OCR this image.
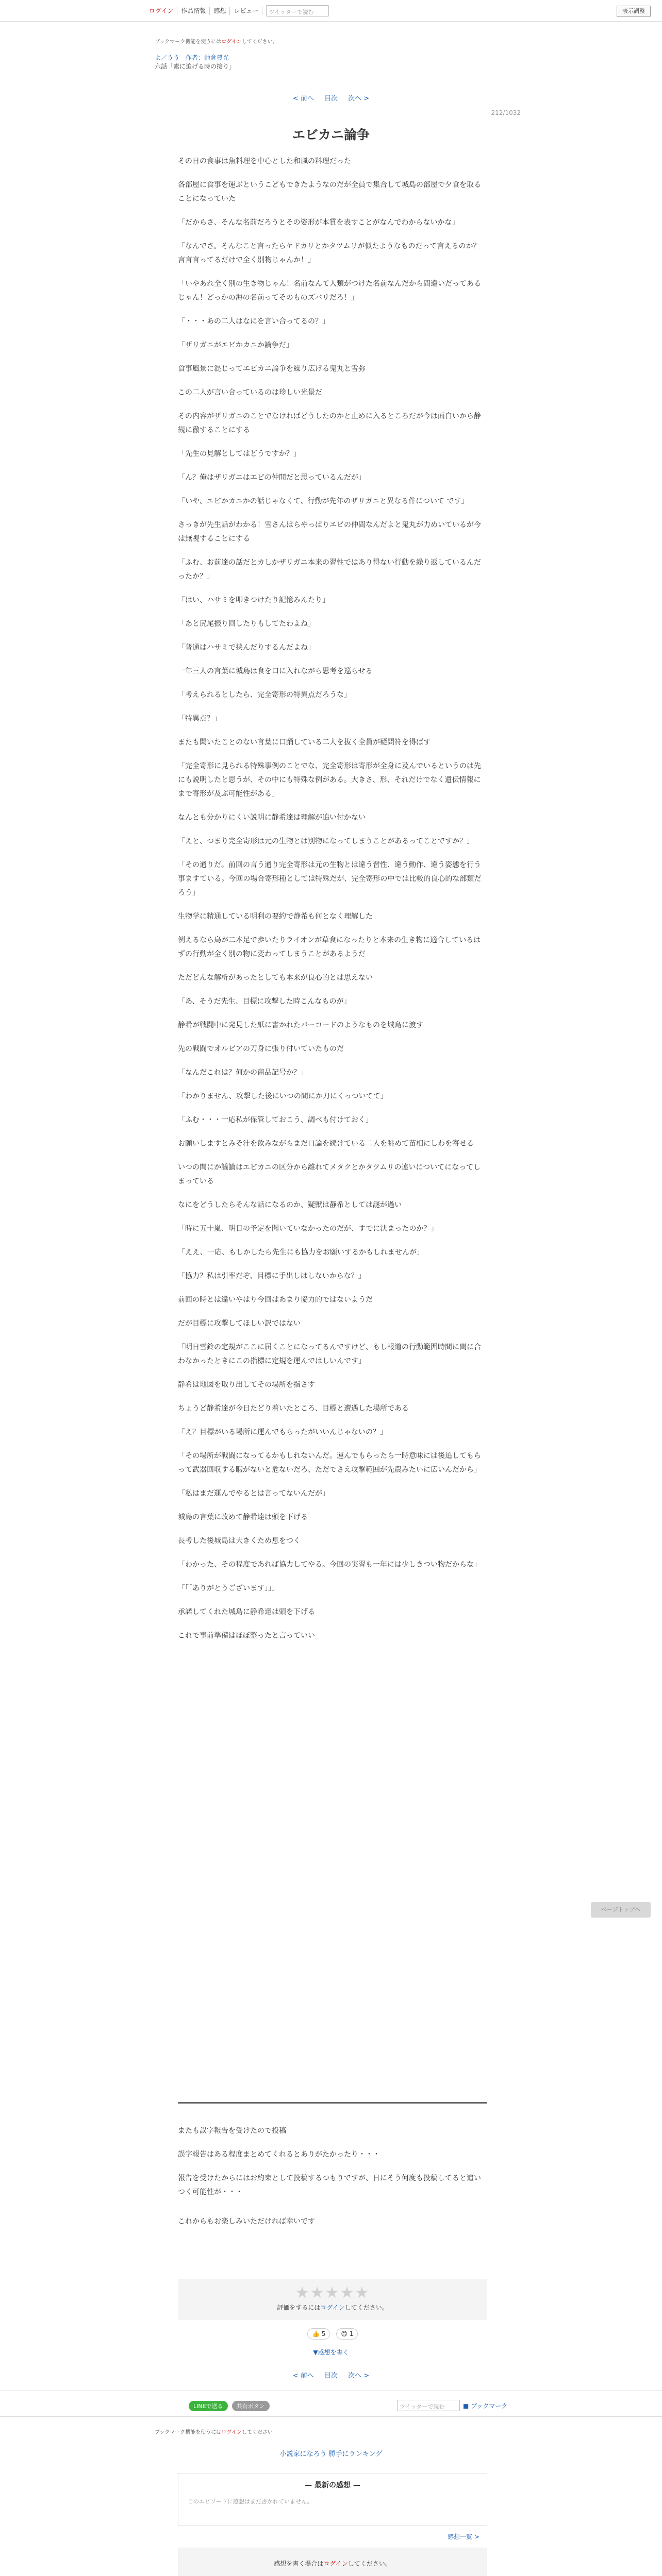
ログイン	作品情報	感想	レビュー	ツイッターで読む	表示調整
ブックマーク機能を使うにはログインしてください。
よ／うう　作者：池倉豊光
六話「素に迫げる時の接り」
< 前へ 目次 次へ >
212/1032
エビカニ論争

その日の食事は魚料理を中心とした和風の料理だった

各部屋に食事を運ぶというこどもできたようなのだが全員で集合して城島の部屋で夕食を取ることになっていた

「だからさ、そんな名前だろうとその姿形が本質を表すことがなんでわからないかな」

「なんでさ。そんなこと言ったらヤドカリとかタツムリが似たようなものだって言えるのか？言言言ってるだけで全く別物じゃんか！」

「いやあれ全く別の生き物じゃん！名前なんて人類がつけた名前なんだから間違いだってあるじゃん！どっかの海の名前ってそのものズバリだろ！」

「・・・あの二人はなにを言い合ってるの？」

「ザリガニがエビかカニか論争だ」

食事風景に混じってエビカニ論争を繰り広げる鬼丸と雪弥

この二人が言い合っているのは珍しい光景だ

その内容がザリガニのことでなければどうしたのかと止めに入るところだが今は面白いから静観に徹することにする

「先生の見解としてはどうですか？」

「ん？俺はザリガニはエビの仲間だと思っているんだが」

「いや、エビかカニかの話じゃなくて、行動が先年のザリガニと異なる件について です」

さっきが先生話がわかる！雪さんはらやっぱりエビの仲間なんだよと鬼丸が力めいているが今は無視することにする

「ふむ、お前達の話だとカしかザリガニ本来の習性ではあり得ない行動を繰り返しているんだったか？」

「はい、ハサミを叩きつけたり記憶みんたり」

「あと尻尾振り回したりもしてたわよね」

「普通はハサミで挟んだりするんだよね」

一年三人の言葉に城島は食を口に入れながら思考を巡らせる

「考えられるとしたら、完全寄形の特異点だろうな」

「特異点？」

またも聞いたことのない言葉に口踊している二人を抜く全員が疑問符を得ばす

「完全寄形に見られる特殊事例のことでな、完全寄形は寄形が全身に及んでいるというのは先にも説明したと思うが、その中にも特殊な例がある。大きさ、形、それだけでなく遺伝情報にまで寄形が及ぶ可能性がある」

なんとも分かりにくい説明に静希達は理解が追い付かない

「えと、つまり完全寄形は元の生物とは別物になってしまうことがあるってことですか？」

「その通りだ。前回の言う通り完全寄形は元の生物とは違う習性、違う動作、違う姿態を行う事ますている。今回の場合寄形種としては特殊だが、完全寄形の中では比較的良心的な部類だろう」

生物学に精通している明利の要約で静希も何となく理解した

例えるなら鳥が二本足で歩いたりライオンが草食になったりと本来の生き物に適合しているはずの行動が全く別の物に変わってしまうことがあるようだ

ただどんな解析があったとしても本来が良心的とは思えない

「あ、そうだ先生、目標に攻撃した時こんなものが」

静希が戦闘中に発見した紙に書かれたバーコードのようなものを城島に渡す

先の戦闘でオルビアの刀身に張り付いていたものだ

「なんだこれは？何かの商品記号か？」

「わかりません、攻撃した後にいつの間にか刀にくっついてて」

「ふむ・・・一応私が保管しておこう、調べも付けておく」

お願いしますとみそ汁を飲みながらまだ口論を続けている二人を眺めて苗相にしわを寄せる

いつの間にか議論はエビカニの区分から離れてメタクとかタツムリの違いについてになってしまっている

なにをどうしたらそんな話になるのか、疑獣は静希としては謎が過い

「時に五十嵐、明日の予定を聞いていなかったのだが、すでに決まったのか？」

「ええ、一応、もしかしたら先生にも協力をお願いするかもしれませんが」

「協力？私は引率だぞ、目標に手出しはしないからな？」

前回の時とは違いやはり今回はあまり協力的ではないようだ

だが目標に攻撃してほしい訳ではない

「明日雪鈴の定規がここに届くことになってるんですけど、もし報道の行動範囲時間に間に合わなかったときにこの指標に定規を運んではしいんです」

静希は地図を取り出してその場所を指さす

ちょうど静希達が今日たどり着いたところ、目標と遭遇した場所である

「え？目標がいる場所に運んでもらったがいいんじゃないの？」

「その場所が戦闘になってるかもしれないんだ。運んでもらったら一時意味には後追してもらって武器回収する暇がないと危ないだろ、ただでさえ攻撃範囲が先農みたいに広いんだから」

「私はまだ運んでやるとは言ってないんだが」

城島の言葉に改めて静希達は頭を下げる

長考した後城島は大きくため息をつく

「わかった、その程度であれば協力してやる。今回の実習も一年には少しきつい物だからな」

「「「ありがとうございます」」」

承諾してくれた城島に静希達は頭を下げる

これで事前準備はほぼ整ったと言っていい

またも誤字報告を受けたので投稿

誤字報告はある程度まとめてくれるとありがたかったり・・・

報告を受けたからにはお約束として投稿するつもりですが、日にそう何度も投稿してると追いつく可能性が・・・

これからもお楽しみいただければ幸いです

★★★★★
評価をするにはログインしてください。
👍 5	😊 1
▼感想を書く
< 前へ 目次 次へ >
LINEで送る	共有ボタン	ツイッターで読む	■ ブックマーク
ブックマーク機能を使うにはログインしてください。
小説家になろう 勝手にランキング
— 最新の感想 —
このエピソードに感想はまだ書かれていません。
感想一覧 >
感想を書く場合はログインしてください。
ページトップへ
